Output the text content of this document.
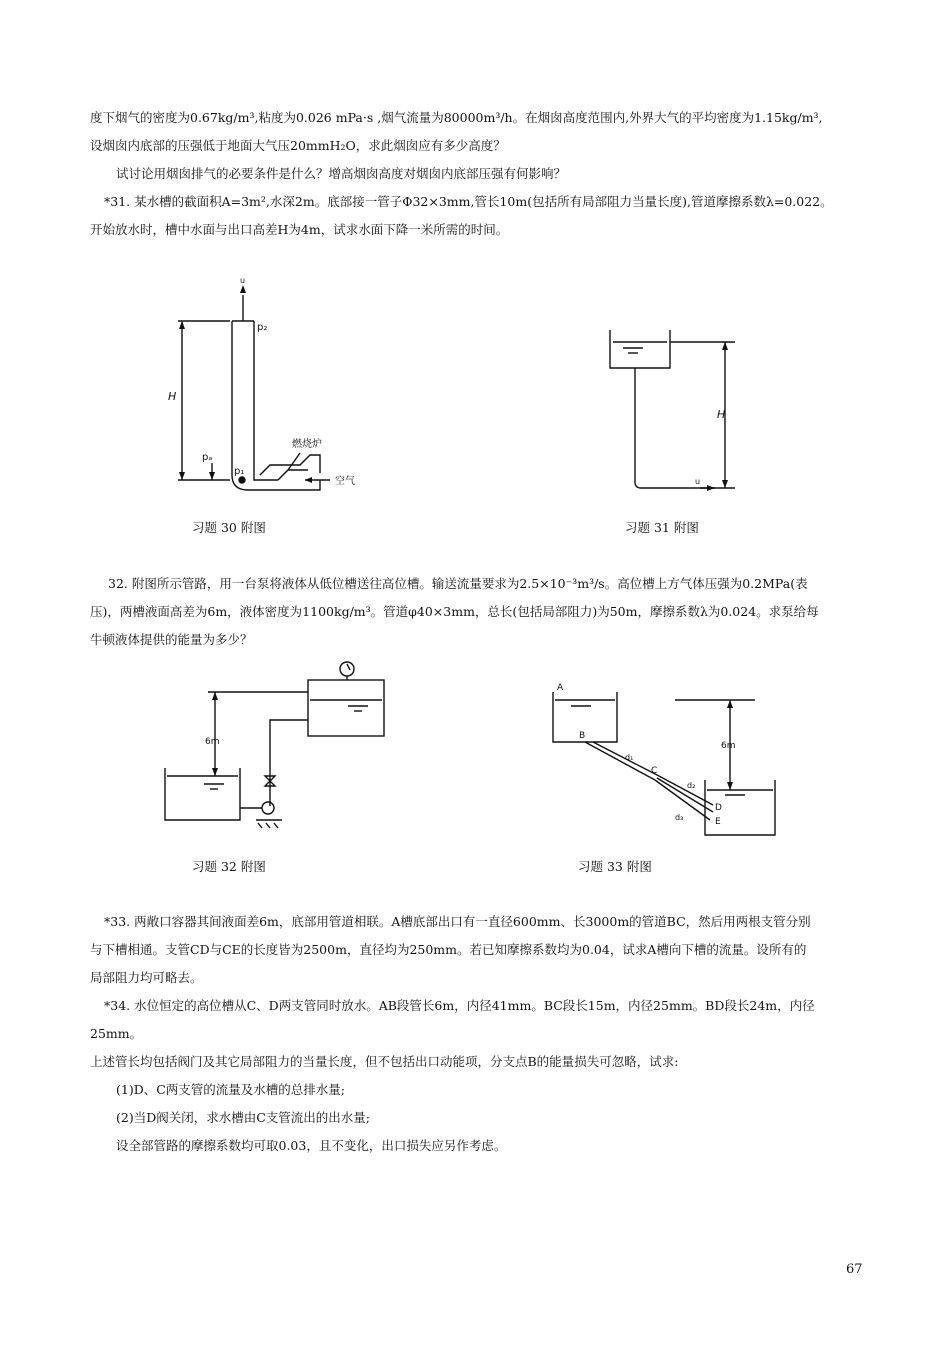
度下烟气的密度为0.67kg/m³,粘度为0.026 mPa·s ,烟气流量为80000m³/h。在烟囱高度范围内,外界大气的平均密度为1.15kg/m³,

设烟囱内底部的压强低于地面大气压20mmH₂O，求此烟囱应有多少高度？

试讨论用烟囱排气的必要条件是什么？增高烟囱高度对烟囱内底部压强有何影响？

*31. 某水槽的截面积A=3m²,水深2m。底部接一管子Φ32×3mm,管长10m(包括所有局部阻力当量长度),管道摩擦系数λ=0.022。

开始放水时，槽中水面与出口高差H为4m，试求水面下降一米所需的时间。

p₂
H
pₐ
p₁
燃烧炉
空气
u
习题 30 附图
H
u
习题 31 附图

32. 附图所示管路，用一台泵将液体从低位槽送往高位槽。输送流量要求为2.5×10⁻³m³/s。高位槽上方气体压强为0.2MPa(表

压)，两槽液面高差为6m，液体密度为1100kg/m³。管道φ40×3mm，总长(包括局部阻力)为50m，摩擦系数λ为0.024。求泵给每

牛顿液体提供的能量为多少？

6m
习题 32 附图
A
B
C
D
E
d₁
d₂
d₃
6m
习题 33 附图

*33. 两敞口容器其间液面差6m，底部用管道相联。A槽底部出口有一直径600mm、长3000m的管道BC，然后用两根支管分别

与下槽相通。支管CD与CE的长度皆为2500m，直径均为250mm。若已知摩擦系数均为0.04，试求A槽向下槽的流量。设所有的

局部阻力均可略去。

*34. 水位恒定的高位槽从C、D两支管同时放水。AB段管长6m，内径41mm。BC段长15m，内径25mm。BD段长24m，内径25mm。

上述管长均包括阀门及其它局部阻力的当量长度，但不包括出口动能项，分支点B的能量损失可忽略，试求:

(1)D、C两支管的流量及水槽的总排水量;

(2)当D阀关闭，求水槽由C支管流出的出水量;

设全部管路的摩擦系数均可取0.03，且不变化，出口损失应另作考虑。

67
